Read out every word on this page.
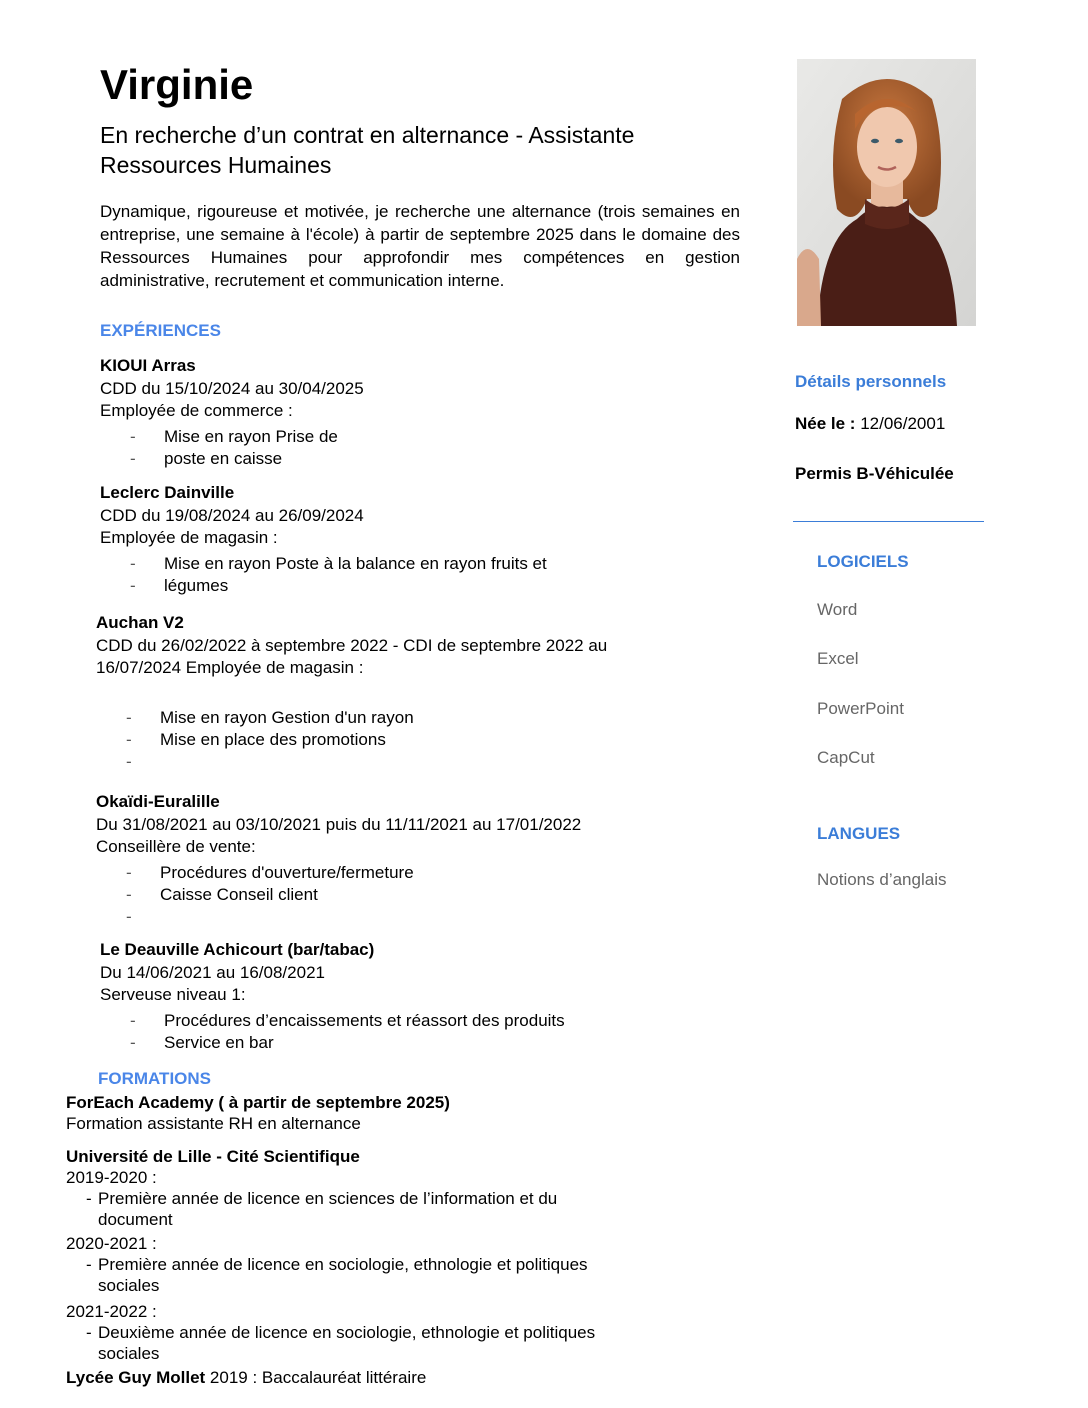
Virginie
En recherche d’un contrat en alternance - Assistante Ressources Humaines
Dynamique, rigoureuse et motivée, je recherche une alternance (trois semaines en entreprise, une semaine à l'école) à partir de septembre 2025 dans le domaine des Ressources Humaines pour approfondir mes compétences en gestion administrative, recrutement et communication interne.
EXPÉRIENCES
KIOUI Arras
CDD du 15/10/2024 au 30/04/2025
Employée de commerce :
- Mise en rayon Prise de
- poste en caisse
Leclerc Dainville
CDD du 19/08/2024 au 26/09/2024
Employée de magasin :
- Mise en rayon Poste à la balance en rayon fruits et
- légumes
Auchan V2
CDD du 26/02/2022 à septembre 2022 - CDI de septembre 2022 au
16/07/2024 Employée de magasin :
- Mise en rayon Gestion d'un rayon
- Mise en place des promotions
-

Okaïdi-Euralille
Du 31/08/2021 au 03/10/2021 puis du 11/11/2021 au 17/01/2022
Conseillère de vente:
- Procédures d'ouverture/fermeture
- Caisse Conseil client
-

Le Deauville Achicourt (bar/tabac)
Du 14/06/2021 au 16/08/2021
Serveuse niveau 1:
- Procédures d’encaissements et réassort des produits
- Service en bar
FORMATIONS
ForEach Academy ( à partir de septembre 2025)
Formation assistante RH en alternance
Université de Lille - Cité Scientifique
2019-2020 :
- Première année de licence en sciences de l’information et du
document
2020-2021 :
- Première année de licence en sociologie, ethnologie et politiques
sociales
2021-2022 :
- Deuxième année de licence en sociologie, ethnologie et politiques
sociales
Lycée Guy Mollet 2019 : Baccalauréat littéraire
Détails personnels
Née le : 12/06/2001
Permis B-Véhiculée
LOGICIELS
Word
Excel
PowerPoint
CapCut
LANGUES
Notions d’anglais
